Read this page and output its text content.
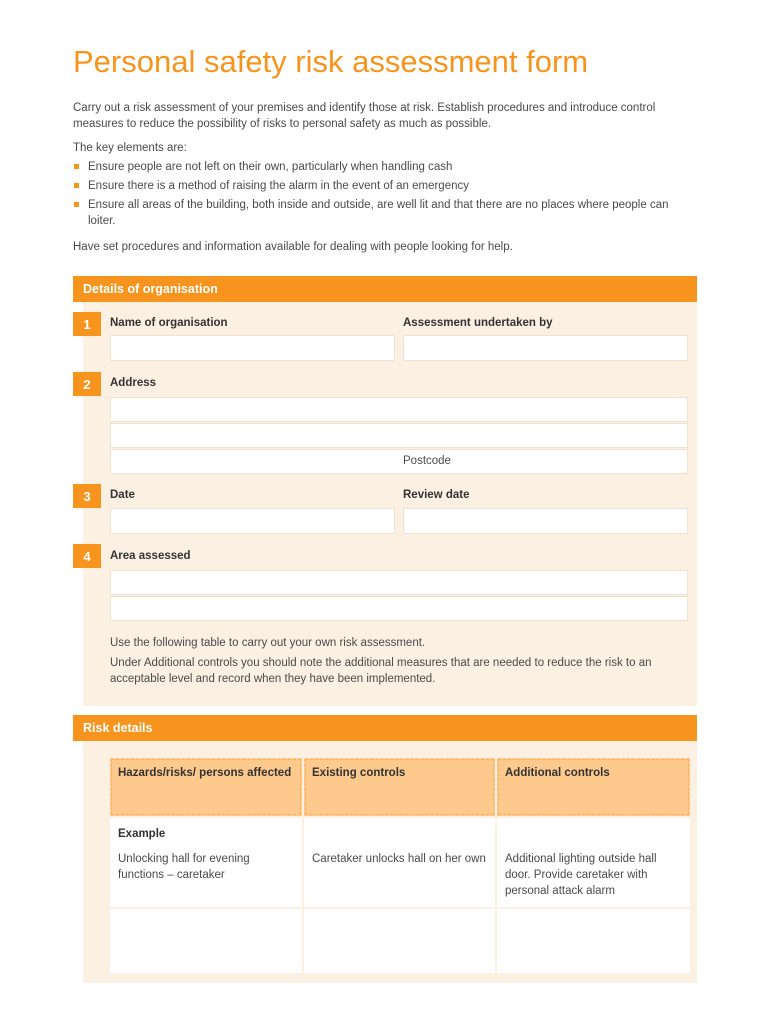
Personal safety risk assessment form

Carry out a risk assessment of your premises and identify those at risk. Establish procedures and introduce control measures to reduce the possibility of risks to personal safety as much as possible.

The key elements are:

Ensure people are not left on their own, particularly when handling cash
Ensure there is a method of raising the alarm in the event of an emergency
Ensure all areas of the building, both inside and outside, are well lit and that there are no places where people can loiter.

Have set procedures and information available for dealing with people looking for help.

Details of organisation
1	Name of organisation	Assessment undertaken by
2	Address
Postcode
3	Date	Review date
4	Area assessed

Use the following table to carry out your own risk assessment.

Under Additional controls you should note the additional measures that are needed to reduce the risk to an acceptable level and record when they have been implemented.

Risk details
Hazards/risks/ persons affected	Existing controls	Additional controls

Example
Unlocking hall for evening functions – caretaker	Caretaker unlocks hall on her own	Additional lighting outside hall door. Provide caretaker with personal attack alarm
